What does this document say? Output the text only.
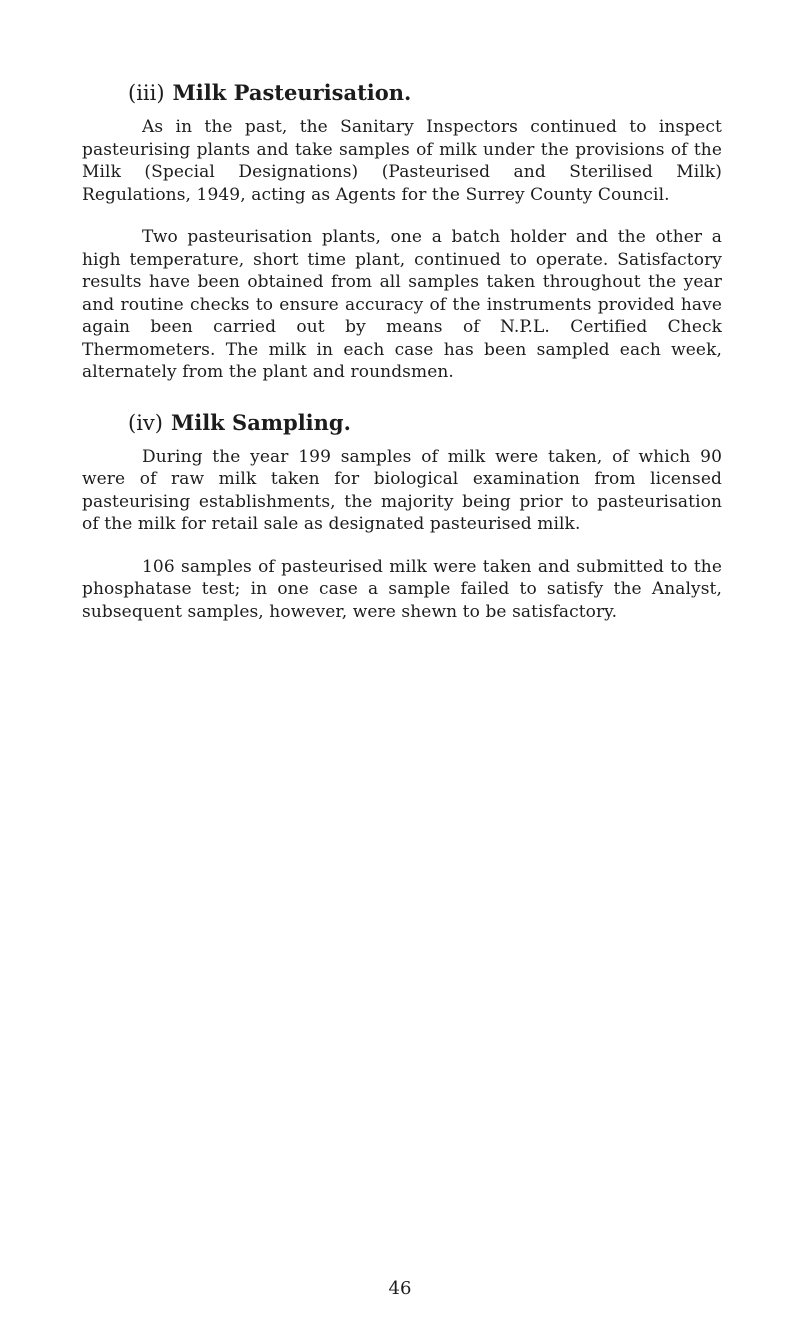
(iii) Milk Pasteurisation.

As in the past, the Sanitary Inspectors continued to inspect pasteurising plants and take samples of milk under the provisions of the Milk (Special Designations) (Pasteurised and Sterilised Milk) Regulations, 1949, acting as Agents for the Surrey County Council.

Two pasteurisation plants, one a batch holder and the other a high temperature, short time plant, continued to operate. Satisfactory results have been obtained from all samples taken throughout the year and routine checks to ensure accuracy of the instruments provided have again been carried out by means of N.P.L. Certified Check Thermometers. The milk in each case has been sampled each week, alternately from the plant and roundsmen.

(iv) Milk Sampling.

During the year 199 samples of milk were taken, of which 90 were of raw milk taken for biological examination from licensed pasteurising establishments, the majority being prior to pasteurisation of the milk for retail sale as designated pasteurised milk.

106 samples of pasteurised milk were taken and submitted to the phosphatase test; in one case a sample failed to satisfy the Analyst, subsequent samples, however, were shewn to be satisfactory.

46
